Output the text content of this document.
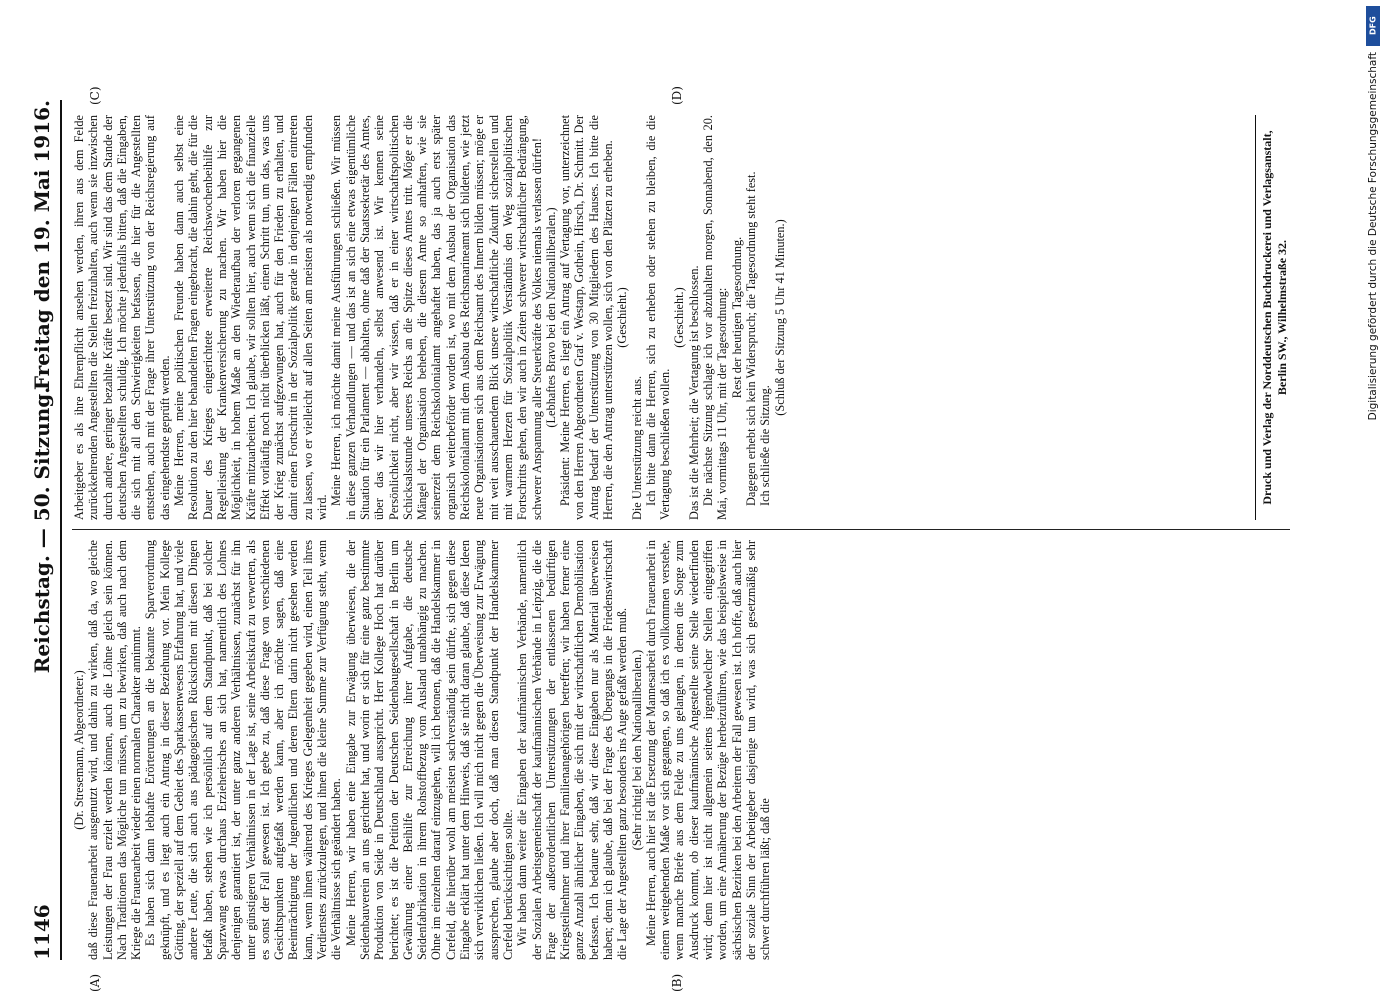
1146
Reichstag. — 50. Sitzung.
Freitag den 19. Mai 1916.
(A)	(B)
(C)	(D)

(Dr. Stresemann, Abgeordneter.) daß diese Frauenarbeit ausgenutzt wird, und dahin zu wirken, daß da, wo gleiche Leistungen der Frau erzielt werden können, auch die Löhne gleich sein können. Nach Traditionen das Mögliche tun müssen, um zu bewirken, daß auch nach dem Kriege die Frauenarbeit wieder einen normalen Charakter annimmt. Es haben sich dann lebhafte Erörterungen an die bekannte Sparverordnung geknüpft, und es liegt auch ein Antrag in dieser Beziehung vor. Mein Kollege Götting, der speziell auf dem Gebiet des Sparkassenwesens Erfahrung hat, und viele andere Leute, die sich auch aus pädagogischen Rücksichten mit diesen Dingen befaßt haben, stehen wie ich persönlich auf dem Standpunkt, daß bei solcher Sparzwang etwas durchaus Erzieherisches an sich hat, namentlich des Lohnes denjenigen garantiert ist, der unter ganz anderen Verhältnissen, zunächst für ihn unter günstigeren Verhältnissen in der Lage ist, seine Arbeitskraft zu verwerten, als es sonst der Fall gewesen ist. Ich gebe zu, daß diese Frage von verschiedenen Gesichtspunkten aufgefaßt werden kann, aber ich möchte sagen, daß eine Beeinträchtigung der Jugendlichen und deren Eltern darin nicht gesehen werden kann, wenn ihnen während des Krieges Gelegenheit gegeben wird, einen Teil ihres Verdienstes zurückzulegen, und ihnen die kleine Summe zur Verfügung steht, wenn die Verhältnisse sich geändert haben. Meine Herren, wir haben eine Eingabe zur Erwägung überwiesen, die der Seidenbauverein an uns gerichtet hat, und worin er sich für eine ganz bestimmte Produktion von Seide in Deutschland ausspricht. Herr Kollege Hoch hat darüber berichtet; es ist die Petition der Deutschen Seidenbaugesellschaft in Berlin um Gewährung einer Beihilfe zur Erreichung ihrer Aufgabe, die deutsche Seidenfabrikation in ihrem Rohstoffbezug vom Ausland unabhängig zu machen. Ohne im einzelnen darauf einzugehen, will ich betonen, daß die Handelskammer in Crefeld, die hierüber wohl am meisten sachverständig sein dürfte, sich gegen diese Eingabe erklärt hat unter dem Hinweis, daß sie nicht daran glaube, daß diese Ideen sich verwirklichen ließen. Ich will mich nicht gegen die Überweisung zur Erwägung aussprechen, glaube aber doch, daß man diesen Standpunkt der Handelskammer Crefeld berücksichtigen sollte. Wir haben dann weiter die Eingaben der kaufmännischen Verbände, namentlich der Sozialen Arbeitsgemeinschaft der kaufmännischen Verbände in Leipzig, die die Frage der außerordentlichen Unterstützungen der entlassenen bedürftigen Kriegsteilnehmer und ihrer Familienangehörigen betreffen; wir haben ferner eine ganze Anzahl ähnlicher Eingaben, die sich mit der wirtschaftlichen Demobilisation befassen. Ich bedaure sehr, daß wir diese Eingaben nur als Material überweisen haben; denn ich glaube, daß bei der Frage des Übergangs in die Friedenswirtschaft die Lage der Angestellten ganz besonders ins Auge gefaßt werden muß. (Sehr richtig! bei den Nationalliberalen.) Meine Herren, auch hier ist die Ersetzung der Mannesarbeit durch Frauenarbeit in einem weitgehenden Maße vor sich gegangen, so daß ich es vollkommen verstehe, wenn manche Briefe aus dem Felde zu uns gelangen, in denen die Sorge zum Ausdruck kommt, ob dieser kaufmännische Angestellte seine Stelle wiederfinden wird; denn hier ist nicht allgemein seitens irgendwelcher Stellen eingegriffen worden, um eine Annäherung der Bezüge herbeizuführen, wie das beispielsweise in sächsischen Bezirken bei den Arbeitern der Fall gewesen ist. Ich hoffe, daß auch hier der soziale Sinn der Arbeitgeber dasjenige tun wird, was sich gesetzmäßig sehr schwer durchführen läßt; daß die

Arbeitgeber es als ihre Ehrenpflicht ansehen werden, ihren aus dem Felde zurückkehrenden Angestellten die Stellen freizuhalten, auch wenn sie inzwischen durch andere, geringer bezahlte Kräfte besetzt sind. Wir sind das dem Stande der deutschen Angestellten schuldig. Ich möchte jedenfalls bitten, daß die Eingaben, die sich mit all den Schwierigkeiten befassen, die hier für die Angestellten entstehen, auch mit der Frage ihrer Unterstützung von der Reichsregierung auf das eingehendste geprüft werden. Meine Herren, meine politischen Freunde haben dann auch selbst eine Resolution zu den hier behandelten Fragen eingebracht, die dahin geht, die für die Dauer des Krieges eingerichtete erweiterte Reichswochenbeihilfe zur Regelleistung der Krankenversicherung zu machen. Wir haben hier die Möglichkeit, in hohem Maße an den Wiederaufbau der verloren gegangenen Kräfte mitzuarbeiten. Ich glaube, wir sollten hier, auch wenn sich die finanzielle Effekt vorläufig noch nicht überblicken läßt, einen Schritt tun, um das, was uns der Krieg zunächst aufgezwungen hat, auch für den Frieden zu erhalten, und damit einen Fortschritt in der Sozialpolitik gerade in denjenigen Fällen eintreten zu lassen, wo er vielleicht auf allen Seiten am meisten als notwendig empfunden wird.

Meine Herren, ich möchte damit meine Ausführungen schließen. Wir müssen in diese ganzen Verhandlungen — und das ist an sich eine etwas eigentümliche Situation für ein Parlament — abhalten, ohne daß der Staatssekretär des Amtes, über das wir hier verhandeln, selbst anwesend ist. Wir kennen seine Persönlichkeit nicht, aber wir wissen, daß er in einer wirtschaftspolitischen Schicksalsstunde unseres Reichs an die Spitze dieses Amtes tritt. Möge er die Mängel der Organisation beheben, die diesem Amte so anhaften, wie sie seinerzeit dem Reichskolonialamt angehaftet haben, das ja auch erst später organisch weiterbeförder worden ist, wo mit dem Ausbau der Organisation das Reichskolonialamt mit dem Ausbau des Reichsmarineamt sich bildeten, wie jetzt neue Organisationen sich aus dem Reichsamt des Innern bilden müssen; möge er mit weit ausschauendem Blick unsere wirtschaftliche Zukunft sicherstellen und mit warmem Herzen für Sozialpolitik Verständnis den Weg sozialpolitischen Fortschritts gehen, den wir auch in Zeiten schwerer wirtschaftlicher Bedrängung, schwerer Anspannung aller Steuerkräfte des Volkes niemals verlassen dürfen! (Lebhaftes Bravo bei den Nationalliberalen.) Präsident: Meine Herren, es liegt ein Antrag auf Vertagung vor, unterzeichnet von den Herren Abgeordneten Graf v. Westarp, Gothein, Hirsch, Dr. Schmitt. Der Antrag bedarf der Unterstützung von 30 Mitgliedern des Hauses. Ich bitte die Herren, die den Antrag unterstützen wollen, sich von den Plätzen zu erheben. (Geschieht.)

Die Unterstützung reicht aus. Ich bitte dann die Herren, sich zu erheben oder stehen zu bleiben, die die Vertagung beschließen wollen.

(Geschieht.) Das ist die Mehrheit; die Vertagung ist beschlossen. Die nächste Sitzung schlage ich vor abzuhalten morgen, Sonnabend, den 20. Mai, vormittags 11 Uhr, mit der Tagesordnung: Rest der heutigen Tagesordnung. Dagegen erhebt sich kein Widerspruch; die Tagesordnung steht fest. Ich schließe die Sitzung.

(Schluß der Sitzung 5 Uhr 41 Minuten.)	Druck und Verlag der Norddeutschen Buchdruckerei und Verlagsanstalt, Berlin SW., Wilhelmstraße 32.
DFG
Digitalisierung gefördert durch die Deutsche Forschungsgemeinschaft
